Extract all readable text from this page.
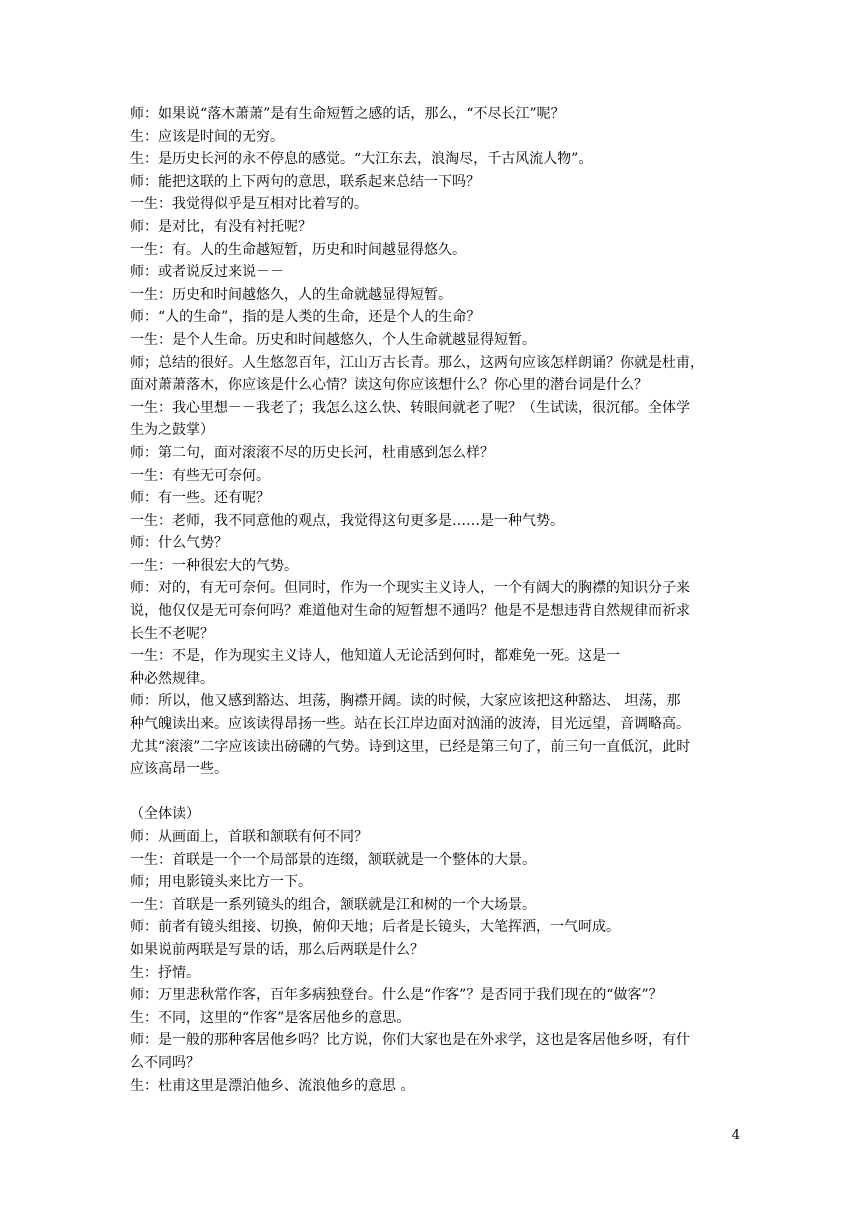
师：如果说“落木萧萧”是有生命短暂之感的话，那么，“不尽长江”呢？
生：应该是时间的无穷。
生：是历史长河的永不停息的感觉。“大江东去，浪淘尽，千古风流人物”。
师：能把这联的上下两句的意思，联系起来总结一下吗？
一生：我觉得似乎是互相对比着写的。
师：是对比，有没有衬托呢？
一生：有。人的生命越短暂，历史和时间越显得悠久。
师：或者说反过来说－－
一生：历史和时间越悠久，人的生命就越显得短暂。
师：“人的生命”，指的是人类的生命，还是个人的生命？
一生：是个人生命。历史和时间越悠久，个人生命就越显得短暂。
师；总结的很好。人生悠忽百年，江山万古长青。那么，这两句应该怎样朗诵？你就是杜甫，
面对萧萧落木，你应该是什么心情？读这句你应该想什么？你心里的潜台词是什么？
一生：我心里想－－我老了；我怎么这么快、转眼间就老了呢？（生试读，很沉郁。全体学
生为之鼓掌）
师：第二句，面对滚滚不尽的历史长河，杜甫感到怎么样？
一生：有些无可奈何。
师：有一些。还有呢？
一生：老师，我不同意他的观点，我觉得这句更多是……是一种气势。
师：什么气势？
一生：一种很宏大的气势。
师：对的，有无可奈何。但同时，作为一个现实主义诗人，一个有阔大的胸襟的知识分子来
说，他仅仅是无可奈何吗？难道他对生命的短暂想不通吗？他是不是想违背自然规律而祈求
长生不老呢？
一生：不是，作为现实主义诗人，他知道人无论活到何时，都难免一死。这是一
种必然规律。
师：所以，他又感到豁达、坦荡，胸襟开阔。读的时候，大家应该把这种豁达、 坦荡，那
种气魄读出来。应该读得昂扬一些。站在长江岸边面对汹涌的波涛，目光远望，音调略高。
尤其“滚滚”二字应该读出磅礴的气势。诗到这里，已经是第三句了，前三句一直低沉，此时
应该高昂一些。
（全体读）
师：从画面上，首联和颔联有何不同？
一生：首联是一个一个局部景的连缀，颔联就是一个整体的大景。
师；用电影镜头来比方一下。
一生：首联是一系列镜头的组合，颔联就是江和树的一个大场景。
师：前者有镜头组接、切换，俯仰天地；后者是长镜头，大笔挥洒，一气呵成。
如果说前两联是写景的话，那么后两联是什么？
生：抒情。
师：万里悲秋常作客，百年多病独登台。什么是“作客”？是否同于我们现在的“做客”？
生：不同，这里的“作客”是客居他乡的意思。
师：是一般的那种客居他乡吗？比方说，你们大家也是在外求学，这也是客居他乡呀，有什
么不同吗？
生：杜甫这里是漂泊他乡、流浪他乡的意思 。
4
